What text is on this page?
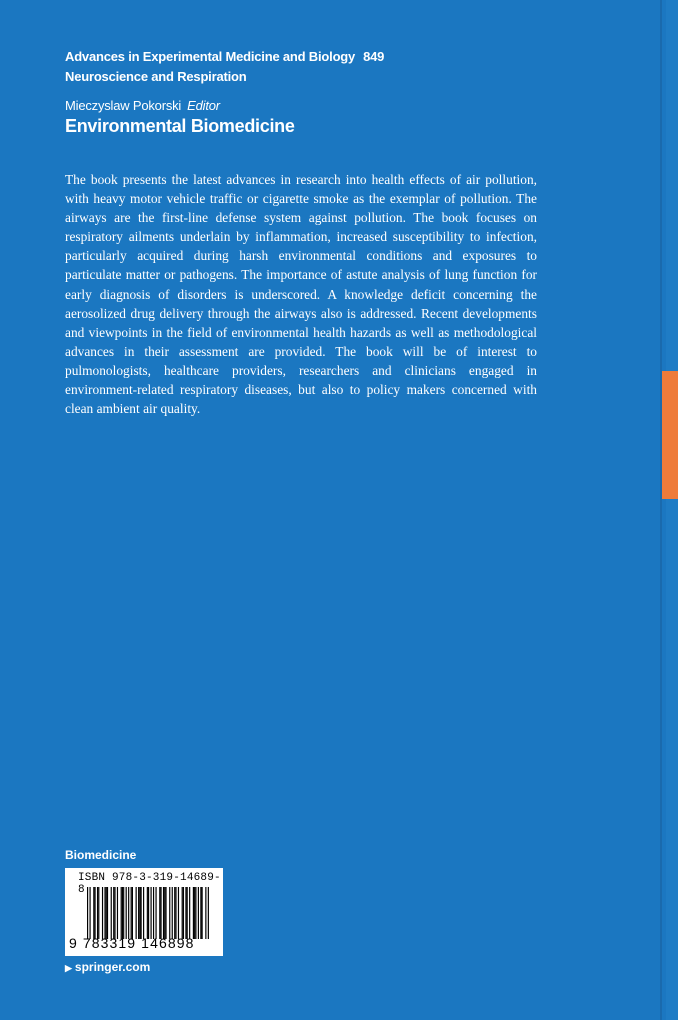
Advances in Experimental Medicine and Biology 849
Neuroscience and Respiration
Mieczyslaw Pokorski Editor
Environmental Biomedicine
The book presents the latest advances in research into health effects of air pollution, with heavy motor vehicle traffic or cigarette smoke as the exemplar of pollution. The airways are the first-line defense system against pollution. The book focuses on respiratory ailments underlain by inflammation, increased susceptibility to infection, particularly acquired during harsh environmental conditions and exposures to particulate matter or pathogens. The importance of astute analysis of lung function for early diagnosis of disorders is underscored. A knowledge deficit concerning the aerosolized drug delivery through the airways also is addressed. Recent developments and viewpoints in the field of environmental health hazards as well as methodological advances in their assessment are provided. The book will be of interest to pulmonologists, healthcare providers, researchers and clinicians engaged in environment-related respiratory diseases, but also to policy makers concerned with clean ambient air quality.
Biomedicine
ISBN 978-3-319-14689-8
9 783319 146898
▶ springer.com
